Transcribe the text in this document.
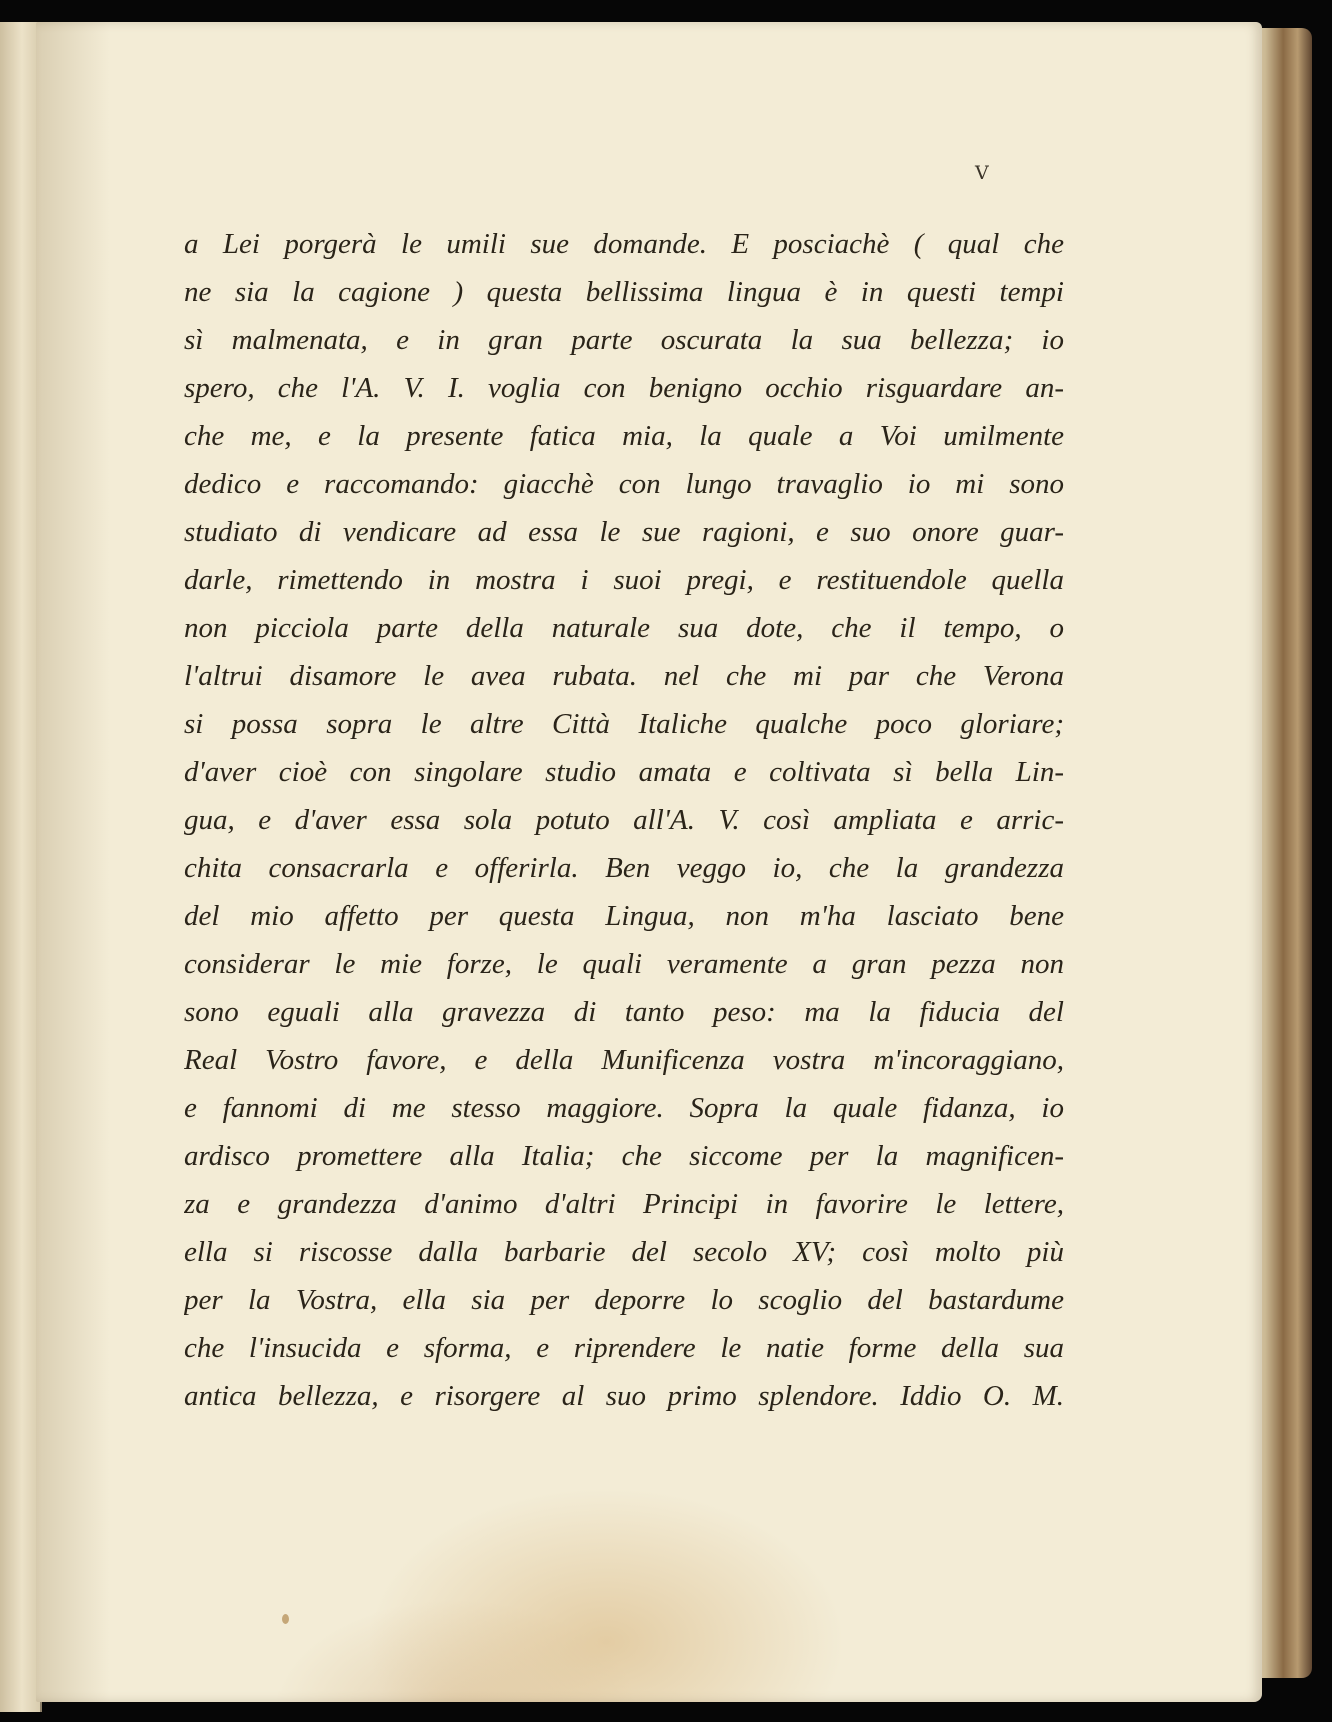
V

a Lei porgerà le umili sue domande. E posciachè ( qual che

ne sia la cagione ) questa bellissima lingua è in questi tempi

sì malmenata, e in gran parte oscurata la sua bellezza; io

spero, che l'A. V. I. voglia con benigno occhio risguardare an-

che me, e la presente fatica mia, la quale a Voi umilmente

dedico e raccomando: giacchè con lungo travaglio io mi sono

studiato di vendicare ad essa le sue ragioni, e suo onore guar-

darle, rimettendo in mostra i suoi pregi, e restituendole quella

non picciola parte della naturale sua dote, che il tempo, o

l'altrui disamore le avea rubata. nel che mi par che Verona

si possa sopra le altre Città Italiche qualche poco gloriare;

d'aver cioè con singolare studio amata e coltivata sì bella Lin-

gua, e d'aver essa sola potuto all'A. V. così ampliata e arric-

chita consacrarla e offerirla. Ben veggo io, che la grandezza

del mio affetto per questa Lingua, non m'ha lasciato bene

considerar le mie forze, le quali veramente a gran pezza non

sono eguali alla gravezza di tanto peso: ma la fiducia del

Real Vostro favore, e della Munificenza vostra m'incoraggiano,

e fannomi di me stesso maggiore. Sopra la quale fidanza, io

ardisco promettere alla Italia; che siccome per la magnificen-

za e grandezza d'animo d'altri Principi in favorire le lettere,

ella si riscosse dalla barbarie del secolo XV; così molto più

per la Vostra, ella sia per deporre lo scoglio del bastardume

che l'insucida e sforma, e riprendere le natie forme della sua

antica bellezza, e risorgere al suo primo splendore. Iddio O. M.
